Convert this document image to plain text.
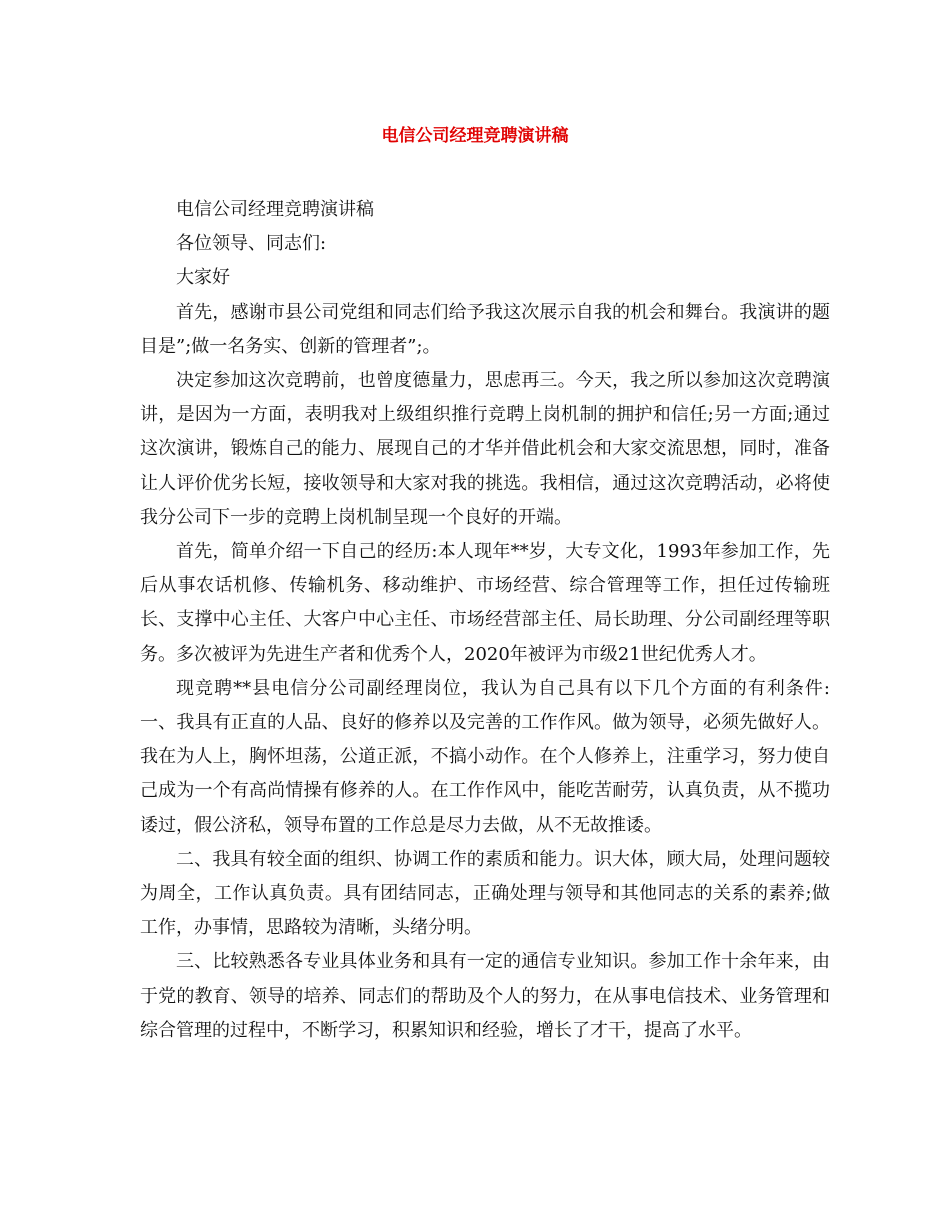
电信公司经理竞聘演讲稿

电信公司经理竞聘演讲稿

各位领导、同志们:

大家好

首先，感谢市县公司党组和同志们给予我这次展示自我的机会和舞台。我演讲的题目是”;做一名务实、创新的管理者”;。

决定参加这次竞聘前，也曾度德量力，思虑再三。今天，我之所以参加这次竞聘演讲，是因为一方面，表明我对上级组织推行竞聘上岗机制的拥护和信任;另一方面;通过这次演讲，锻炼自己的能力、展现自己的才华并借此机会和大家交流思想，同时，准备让人评价优劣长短，接收领导和大家对我的挑选。我相信，通过这次竞聘活动，必将使我分公司下一步的竞聘上岗机制呈现一个良好的开端。

首先，简单介绍一下自己的经历:本人现年**岁，大专文化，1993年参加工作，先后从事农话机修、传输机务、移动维护、市场经营、综合管理等工作，担任过传输班长、支撑中心主任、大客户中心主任、市场经营部主任、局长助理、分公司副经理等职务。多次被评为先进生产者和优秀个人，2020年被评为市级21世纪优秀人才。

现竞聘**县电信分公司副经理岗位，我认为自己具有以下几个方面的有利条件:一、我具有正直的人品、良好的修养以及完善的工作作风。做为领导，必须先做好人。我在为人上，胸怀坦荡，公道正派，不搞小动作。在个人修养上，注重学习，努力使自己成为一个有高尚情操有修养的人。在工作作风中，能吃苦耐劳，认真负责，从不揽功诿过，假公济私，领导布置的工作总是尽力去做，从不无故推诿。

二、我具有较全面的组织、协调工作的素质和能力。识大体，顾大局，处理问题较为周全，工作认真负责。具有团结同志，正确处理与领导和其他同志的关系的素养;做工作，办事情，思路较为清晰，头绪分明。

三、比较熟悉各专业具体业务和具有一定的通信专业知识。参加工作十余年来，由于党的教育、领导的培养、同志们的帮助及个人的努力，在从事电信技术、业务管理和综合管理的过程中，不断学习，积累知识和经验，增长了才干，提高了水平。
